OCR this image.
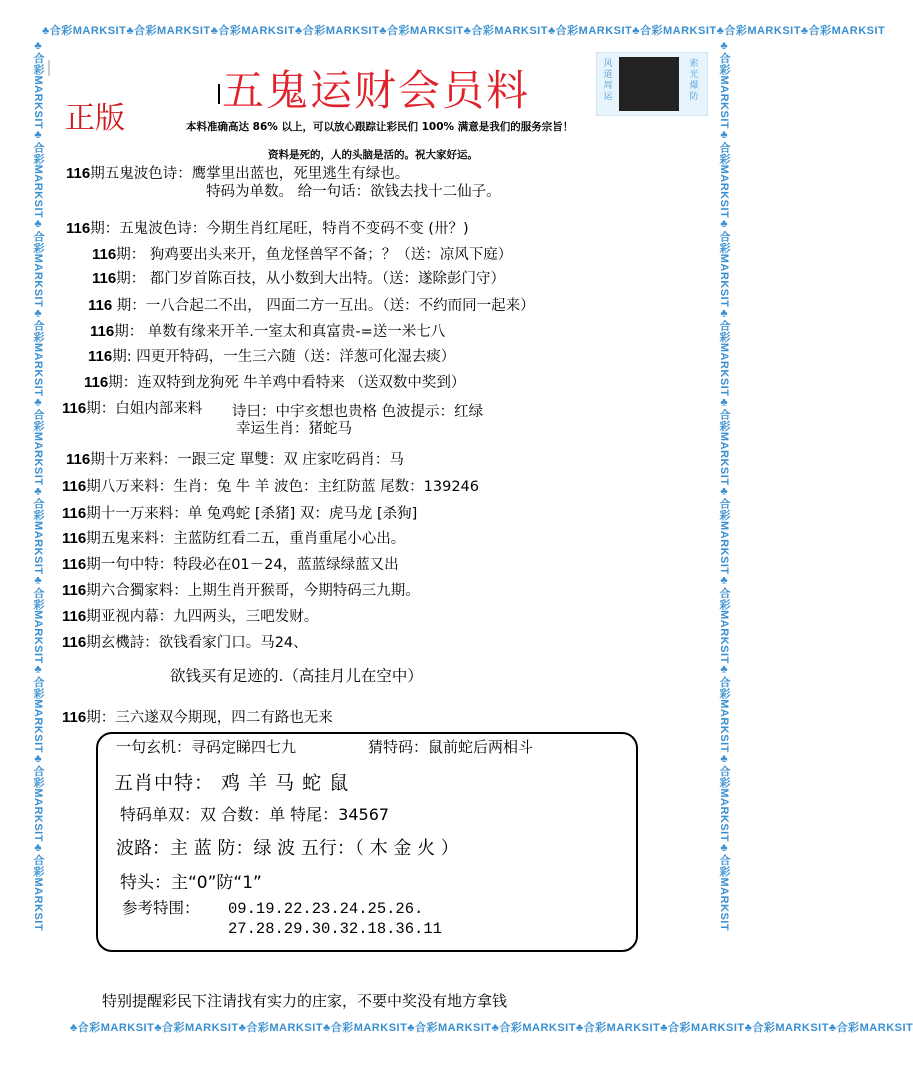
♣合彩MARKSIT♣合彩MARKSIT♣合彩MARKSIT♣合彩MARKSIT♣合彩MARKSIT♣合彩MARKSIT♣合彩MARKSIT♣合彩MARKSIT♣合彩MARKSIT♣合彩MARKSIT
♣合彩MARKSIT♣合彩MARKSIT♣合彩MARKSIT♣合彩MARKSIT♣合彩MARKSIT♣合彩MARKSIT♣合彩MARKSIT♣合彩MARKSIT♣合彩MARKSIT♣合彩MARKSIT
♣合彩MARKSIT♣合彩MARKSIT♣合彩MARKSIT♣合彩MARKSIT♣合彩MARKSIT♣合彩MARKSIT♣合彩MARKSIT♣合彩MARKSIT♣合彩MARKSIT♣合彩MARKSIT	♣合彩MARKSIT♣合彩MARKSIT♣合彩MARKSIT♣合彩MARKSIT♣合彩MARKSIT♣合彩MARKSIT♣合彩MARKSIT♣合彩MARKSIT♣合彩MARKSIT♣合彩MARKSIT
五鬼运财会员料
正版
风道周运
索光爆防
本料准确高达 86% 以上，可以放心跟踪让彩民们 100% 满意是我们的服务宗旨！
资料是死的，人的头脑是活的。祝大家好运。
116期五鬼波色诗：鹰掌里出蓝也，死里逃生有绿也。
特码为单数。 给一句话：欲钱去找十二仙子。
116期：五鬼波色诗：今期生肖红尾旺，特肖不变码不变 (卅？)
116期： 狗鸡要出头来开，鱼龙怪兽罕不备；？（送：凉风下庭）
116期： 都门岁首陈百技，从小数到大出特。（送：遂除彭门守）
116 期：一八合起二不出， 四面二方一互出。（送：不约而同一起来）
116期： 单数有缘来开羊.一室太和真富贵-=送一米七八
116期: 四更开特码，一生三六随（送：洋葱可化湿去痰）
116期：连双特到龙狗死 牛羊鸡中看特来 （送双数中奖到）
116期：白姐内部来料 诗曰：中宇亥想也贵格 色波提示：红绿
幸运生肖：猪蛇马
116期十万来料：一跟三定 單雙：双 庄家吃码肖：马
116期八万来料：生肖：兔 牛 羊 波色：主红防蓝 尾数：139246
116期十一万来料：单 兔鸡蛇 [杀猪] 双：虎马龙 [杀狗]
116期五鬼来料：主蓝防红看二五，重肖重尾小心出。
116期一句中特：特段必在01－24，蓝蓝绿绿蓝又出
116期六合獨家料：上期生肖开猴哥，今期特码三九期。
116期亚视内幕：九四两头，三吧发财。
116期玄機詩：欲钱看家门口。马24、
欲钱买有足迹的.（高挂月儿在空中）
116期：三六遂双今期现，四二有路也无来
一句玄机：寻码定睇四七九	猜特码：鼠前蛇后两相斗
五肖中特： 鸡 羊 马 蛇 鼠
特码单双：双 合数：单 特尾：34567
波路：主 蓝 防：绿 波 五行：（ 木 金 火 ）
特头：主“0”防“1”
参考特围： 09.19.22.23.24.25.26.
27.28.29.30.32.18.36.11
特别提醒彩民下注请找有实力的庄家，不要中奖没有地方拿钱
